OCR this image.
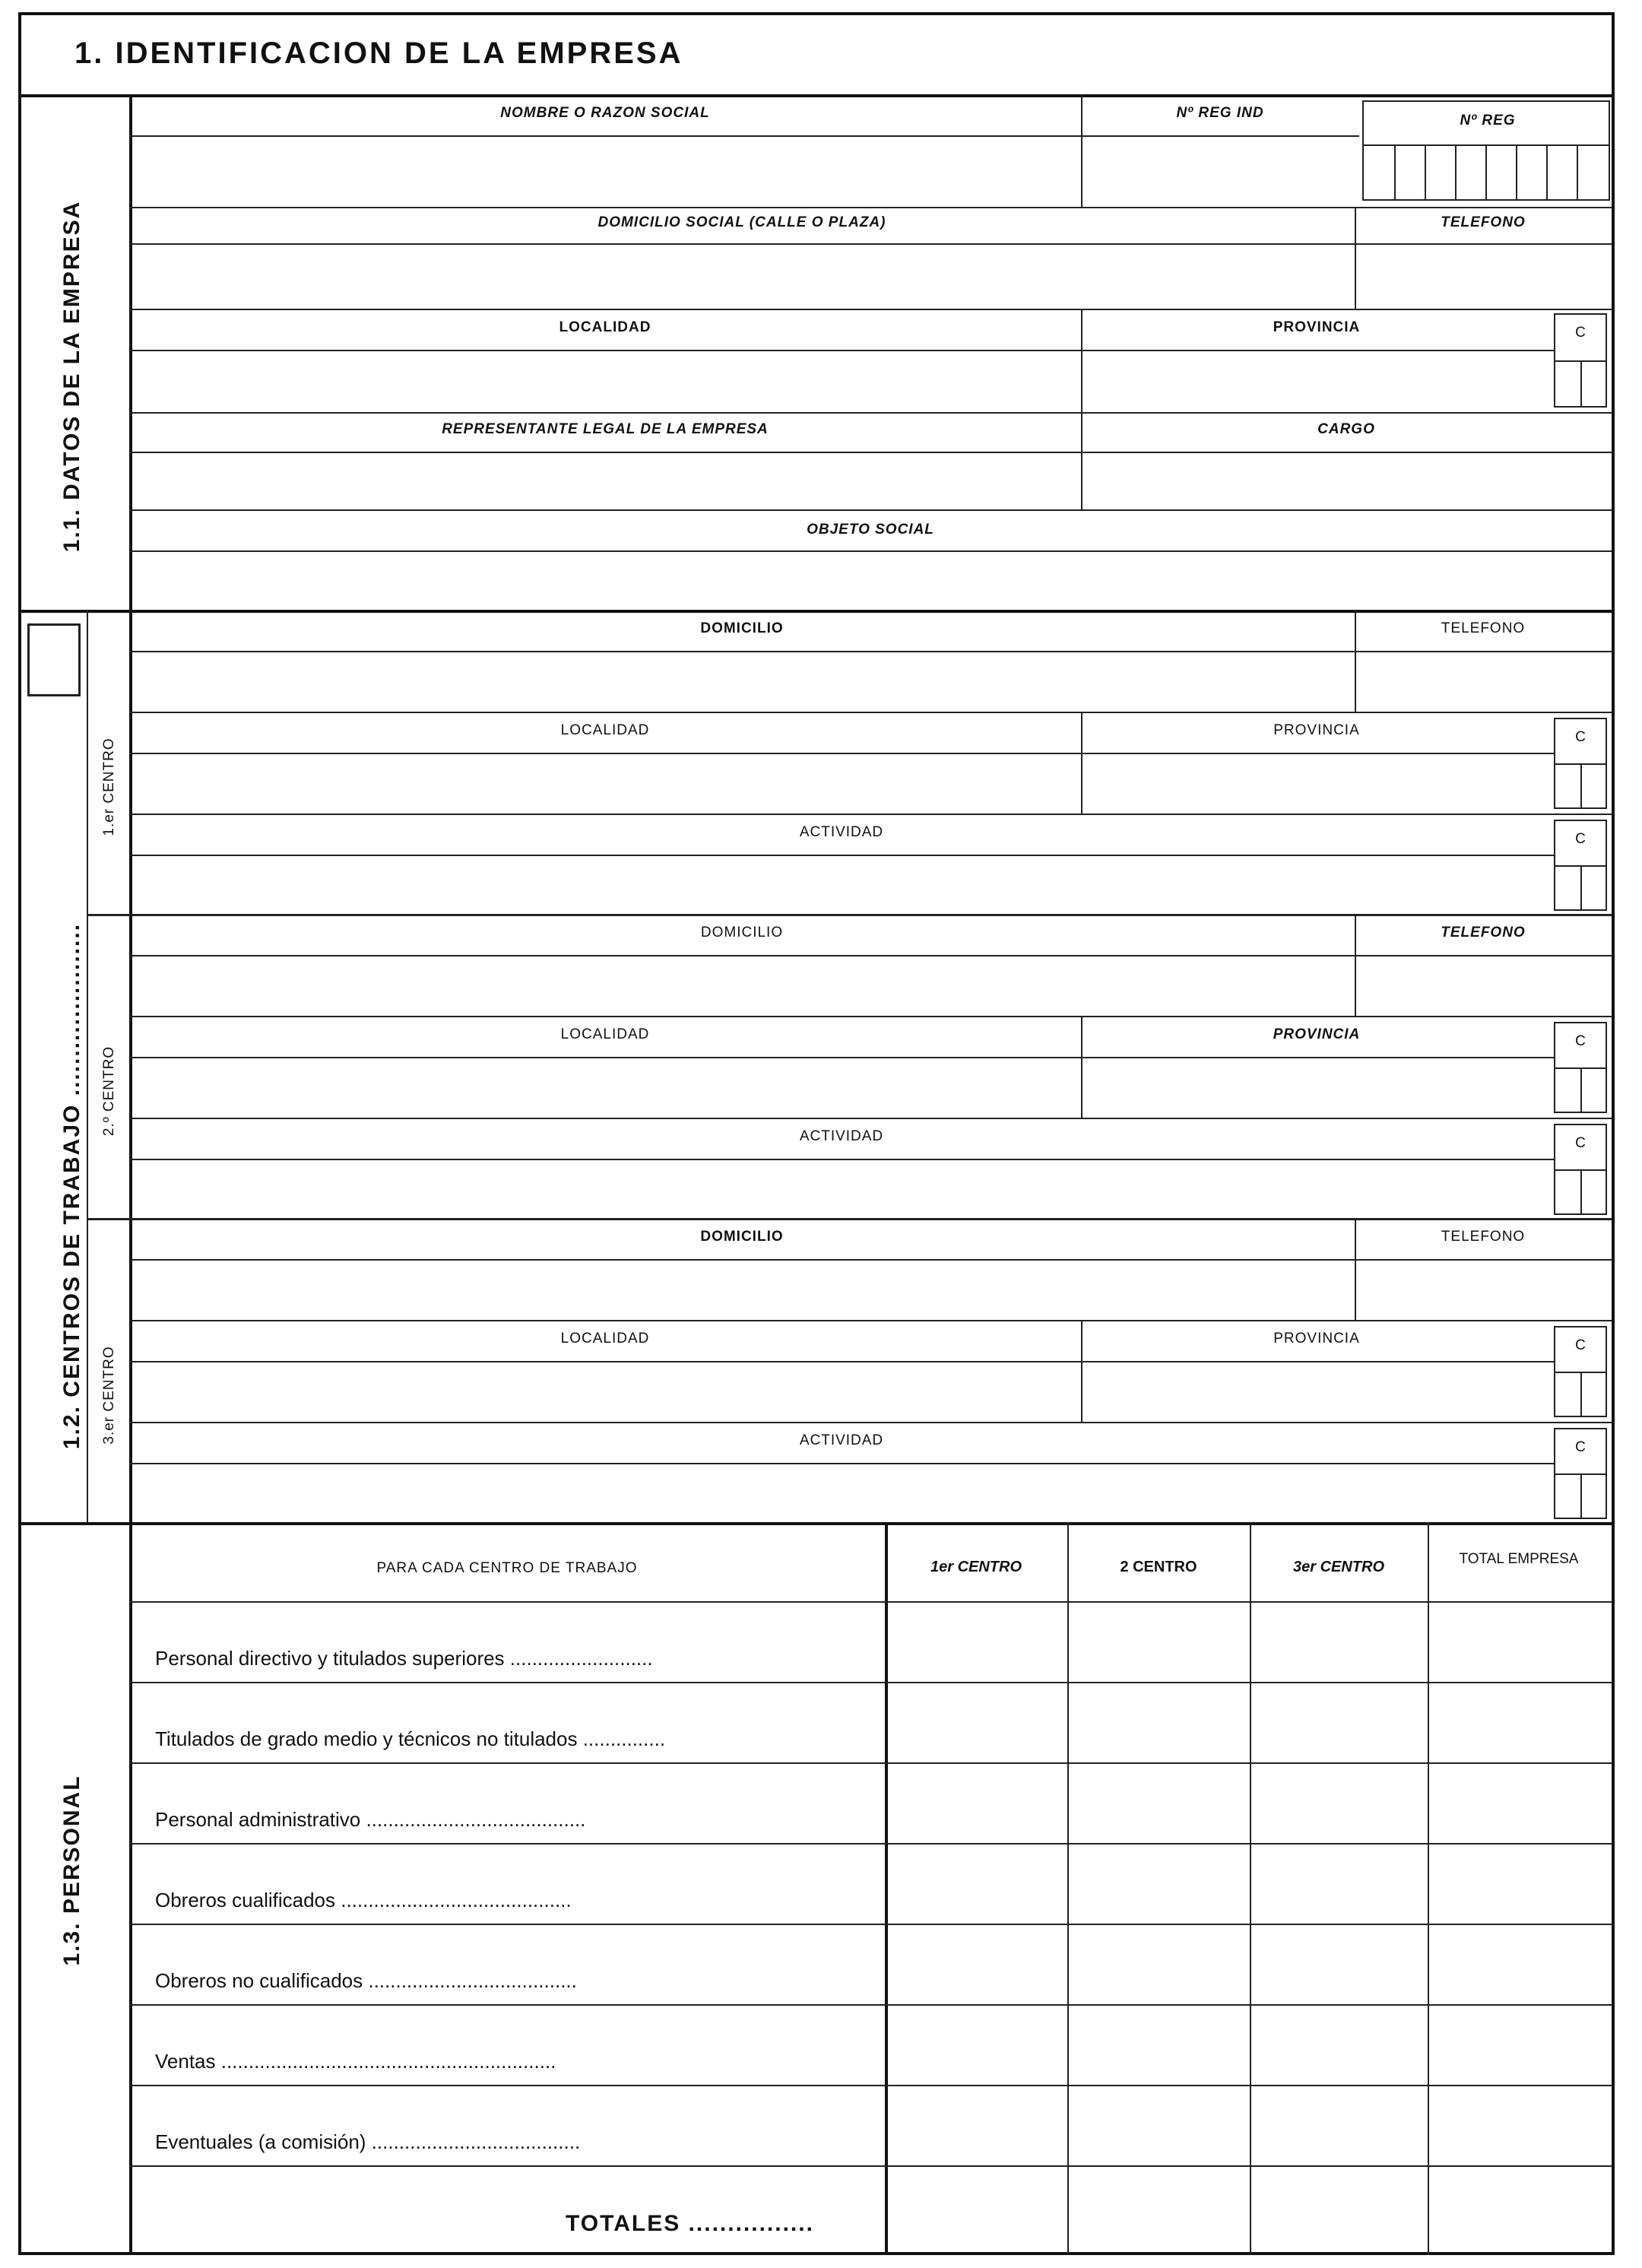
1. IDENTIFICACION DE LA EMPRESA
1.1. DATOS DE LA EMPRESA
NOMBRE O RAZON SOCIAL	Nº REG IND	Nº REG
DOMICILIO SOCIAL (CALLE O PLAZA)	TELEFONO
LOCALIDAD	PROVINCIA	C
REPRESENTANTE LEGAL DE LA EMPRESA	CARGO
OBJETO SOCIAL
1.2. CENTROS DE TRABAJO ......................
1.er CENTRO
DOMICILIO	TELEFONO
LOCALIDAD	PROVINCIA	C
ACTIVIDAD	C
2.º CENTRO
DOMICILIO	TELEFONO
LOCALIDAD	PROVINCIA	C
ACTIVIDAD	C
3.er CENTRO
DOMICILIO	TELEFONO
LOCALIDAD	PROVINCIA	C
ACTIVIDAD	C
1.3. PERSONAL
PARA CADA CENTRO DE TRABAJO	1er CENTRO	2 CENTRO	3er CENTRO	TOTAL EMPRESA
Personal directivo y titulados superiores ..........................
Titulados de grado medio y técnicos no titulados ...............
Personal administrativo ........................................
Obreros cualificados ..........................................
Obreros no cualificados ......................................
Ventas .............................................................
Eventuales (a comisión) ......................................
TOTALES ................
